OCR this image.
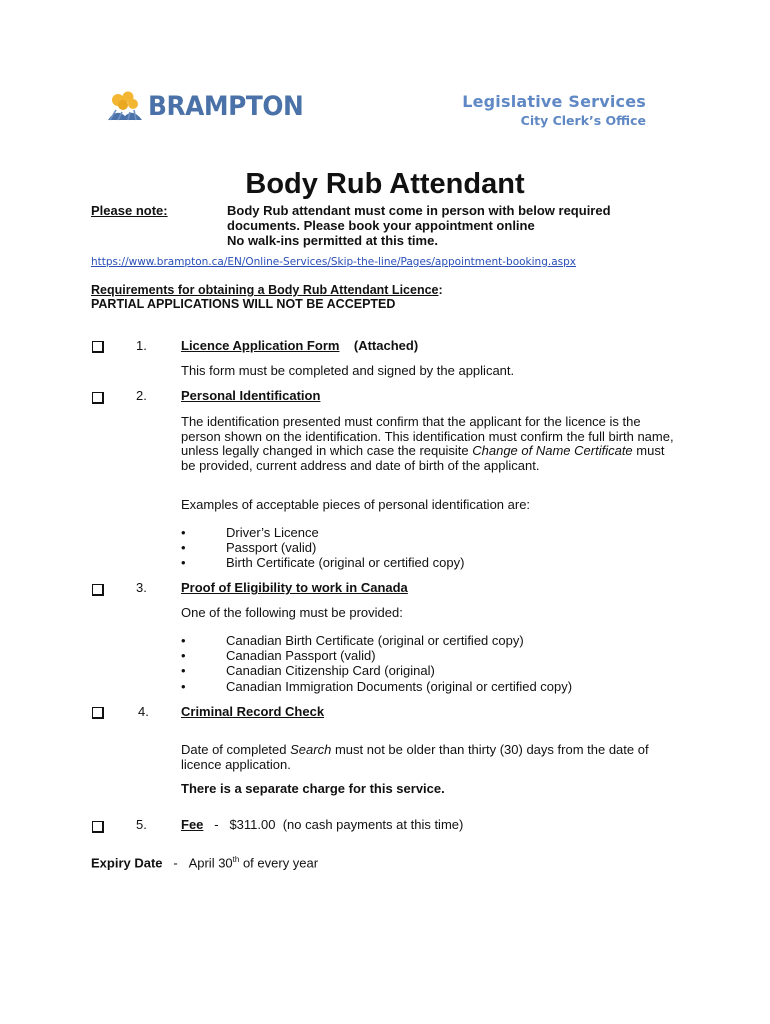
BRAMPTON	Legislative Services
City Clerk’s Office
Body Rub Attendant
Please note:	Body Rub attendant must come in person with below required
documents. Please book your appointment online
No walk-ins permitted at this time.
https://www.brampton.ca/EN/Online-Services/Skip-the-line/Pages/appointment-booking.aspx
Requirements for obtaining a Body Rub Attendant Licence:
PARTIAL APPLICATIONS WILL NOT BE ACCEPTED
1.	Licence Application Form (Attached)
This form must be completed and signed by the applicant.
2.	Personal Identification
The identification presented must confirm that the applicant for the licence is the person shown on the identification. This identification must confirm the full birth name, unless legally changed in which case the requisite Change of Name Certificate must be provided, current address and date of birth of the applicant.
Examples of acceptable pieces of personal identification are:
•	Driver’s Licence
•	Passport (valid)
•	Birth Certificate (original or certified copy)
3.	Proof of Eligibility to work in Canada
One of the following must be provided:
•	Canadian Birth Certificate (original or certified copy)
•	Canadian Passport (valid)
•	Canadian Citizenship Card (original)
•	Canadian Immigration Documents (original or certified copy)
4. Criminal Record Check
Date of completed Search must not be older than thirty (30) days from the date of licence application.
There is a separate charge for this service.
5.	Fee - $311.00 (no cash payments at this time)
Expiry Date - April 30th of every year
